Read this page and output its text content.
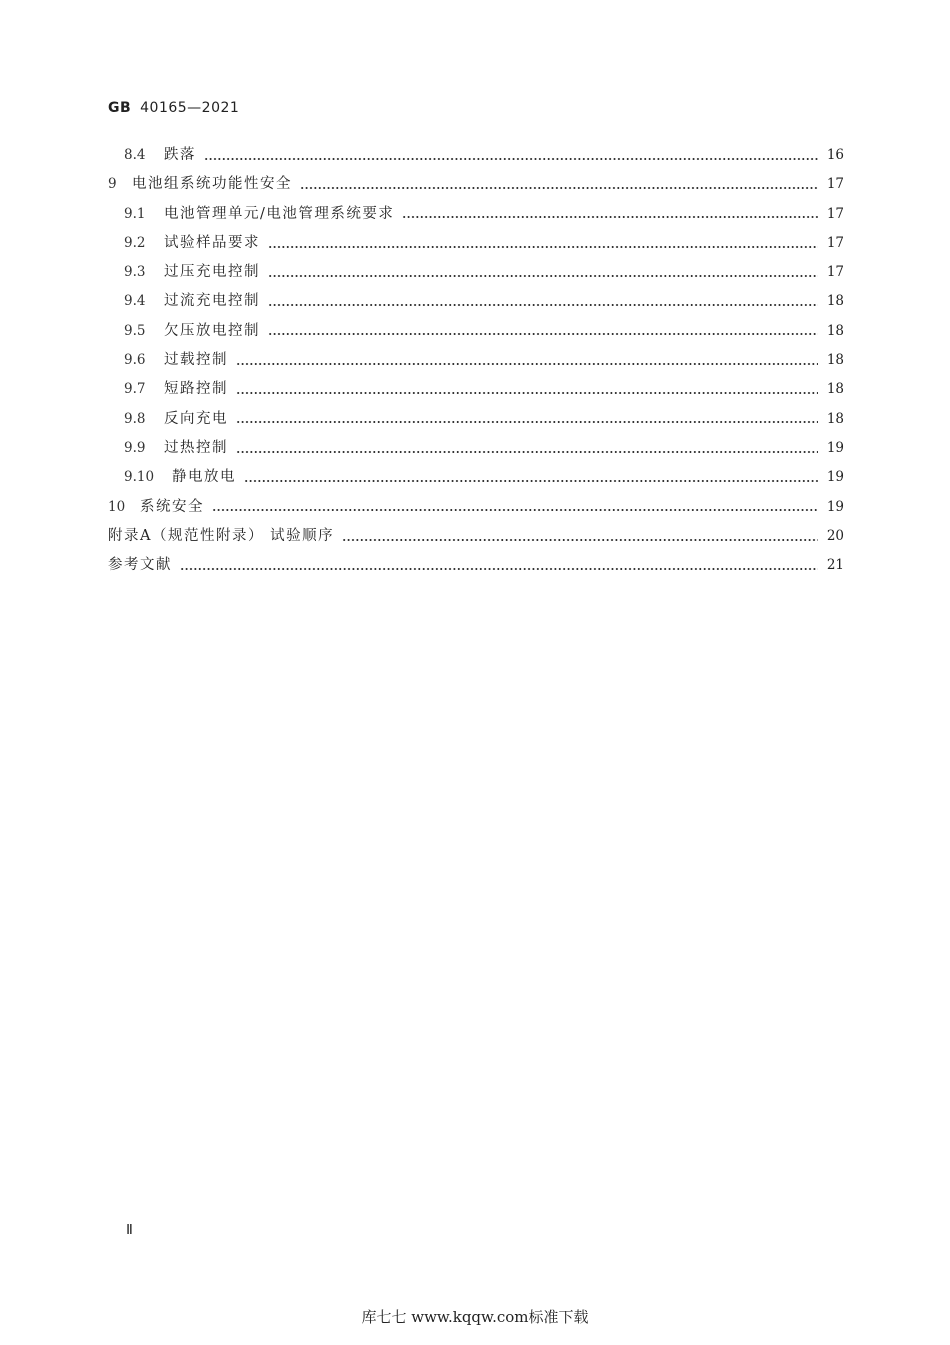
GB 40165—2021
8.4	跌落	16
9	电池组系统功能性安全	17
9.1	电池管理单元/电池管理系统要求	17
9.2	试验样品要求	17
9.3	过压充电控制	17
9.4	过流充电控制	18
9.5	欠压放电控制	18
9.6	过载控制	18
9.7	短路控制	18
9.8	反向充电	18
9.9	过热控制	19
9.10	静电放电	19
10	系统安全	19
附录A（规范性附录） 试验顺序	20
参考文献	21
Ⅱ
库七七 www.kqqw.com标准下载
